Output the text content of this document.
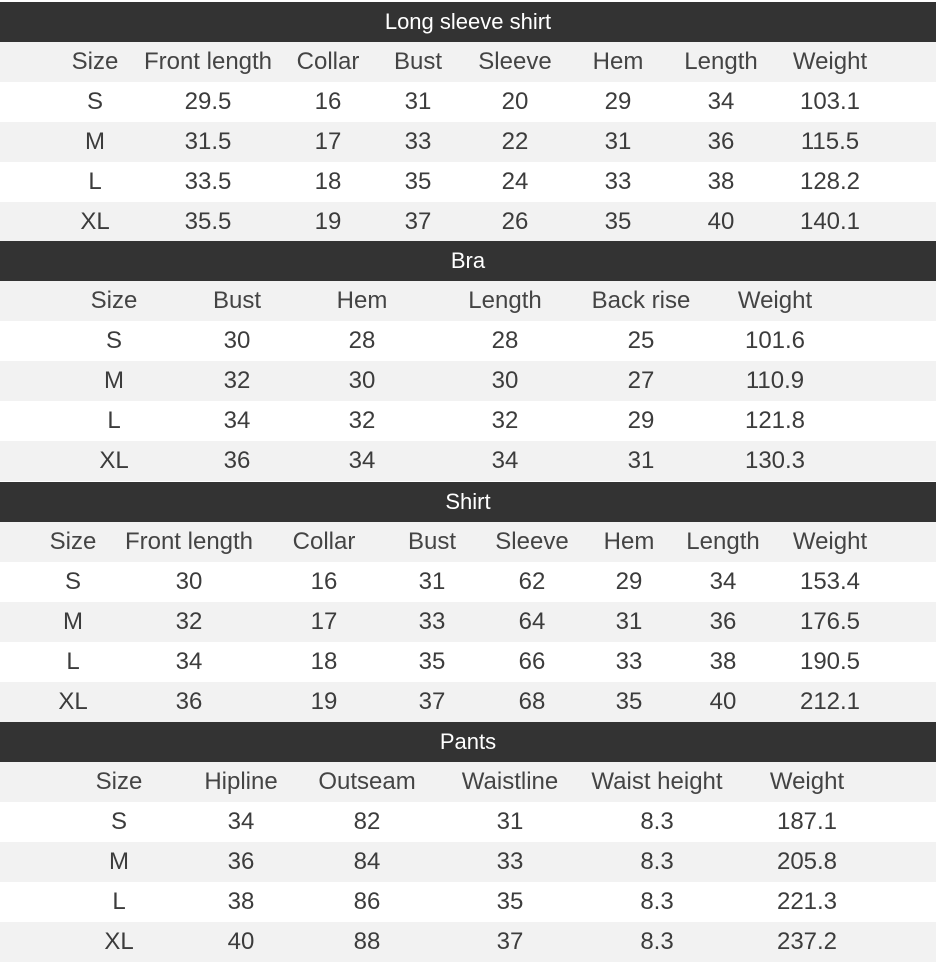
Long sleeve shirt
Size	Front length	Collar	Bust	Sleeve	Hem	Length	Weight
S	29.5	16	31	20	29	34	103.1
M	31.5	17	33	22	31	36	115.5
L	33.5	18	35	24	33	38	128.2
XL	35.5	19	37	26	35	40	140.1
Bra
Size	Bust	Hem	Length	Back rise	Weight
S	30	28	28	25	101.6
M	32	30	30	27	110.9
L	34	32	32	29	121.8
XL	36	34	34	31	130.3
Shirt
Size	Front length	Collar	Bust	Sleeve	Hem	Length	Weight
S	30	16	31	62	29	34	153.4
M	32	17	33	64	31	36	176.5
L	34	18	35	66	33	38	190.5
XL	36	19	37	68	35	40	212.1
Pants
Size	Hipline	Outseam	Waistline	Waist height	Weight
S	34	82	31	8.3	187.1
M	36	84	33	8.3	205.8
L	38	86	35	8.3	221.3
XL	40	88	37	8.3	237.2
